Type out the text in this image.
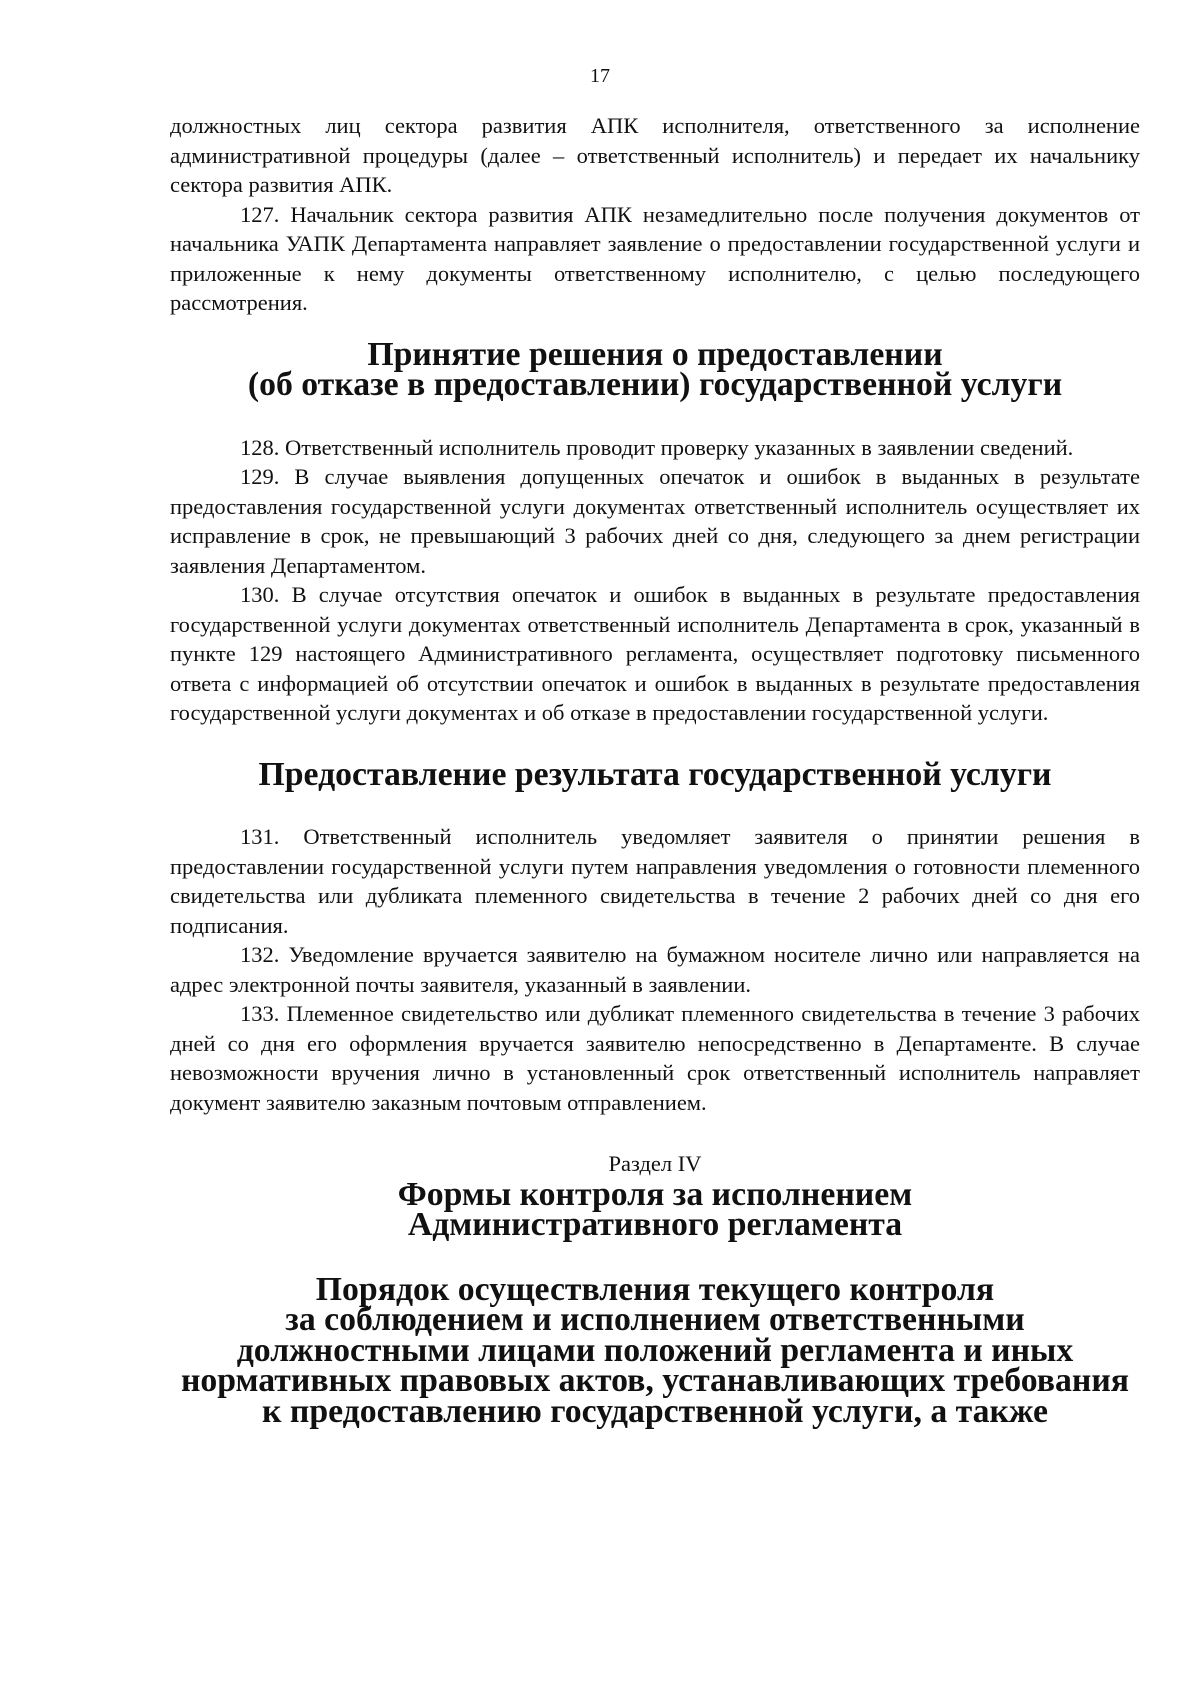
17

должностных лиц сектора развития АПК исполнителя, ответственного за исполнение административной процедуры (далее – ответственный исполнитель) и передает их начальнику сектора развития АПК.

127. Начальник сектора развития АПК незамедлительно после получения документов от начальника УАПК Департамента направляет заявление о предоставлении государственной услуги и приложенные к нему документы ответственному исполнителю, с целью последующего рассмотрения.

Принятие решения о предоставлении
(об отказе в предоставлении) государственной услуги

128. Ответственный исполнитель проводит проверку указанных в заявлении сведений.

129. В случае выявления допущенных опечаток и ошибок в выданных в результате предоставления государственной услуги документах ответственный исполнитель осуществляет их исправление в срок, не превышающий 3 рабочих дней со дня, следующего за днем регистрации заявления Департаментом.

130. В случае отсутствия опечаток и ошибок в выданных в результате предоставления государственной услуги документах ответственный исполнитель Департамента в срок, указанный в пункте 129 настоящего Административного регламента, осуществляет подготовку письменного ответа с информацией об отсутствии опечаток и ошибок в выданных в результате предоставления государственной услуги документах и об отказе в предоставлении государственной услуги.

Предоставление результата государственной услуги

131. Ответственный исполнитель уведомляет заявителя о принятии решения в предоставлении государственной услуги путем направления уведомления о готовности племенного свидетельства или дубликата племенного свидетельства в течение 2 рабочих дней со дня его подписания.

132. Уведомление вручается заявителю на бумажном носителе лично или направляется на адрес электронной почты заявителя, указанный в заявлении.

133. Племенное свидетельство или дубликат племенного свидетельства в течение 3 рабочих дней со дня его оформления вручается заявителю непосредственно в Департаменте. В случае невозможности вручения лично в установленный срок ответственный исполнитель направляет документ заявителю заказным почтовым отправлением.

Раздел IV

Формы контроля за исполнением
Административного регламента
Порядок осуществления текущего контроля
за соблюдением и исполнением ответственными
должностными лицами положений регламента и иных
нормативных правовых актов, устанавливающих требования
к предоставлению государственной услуги, а также
